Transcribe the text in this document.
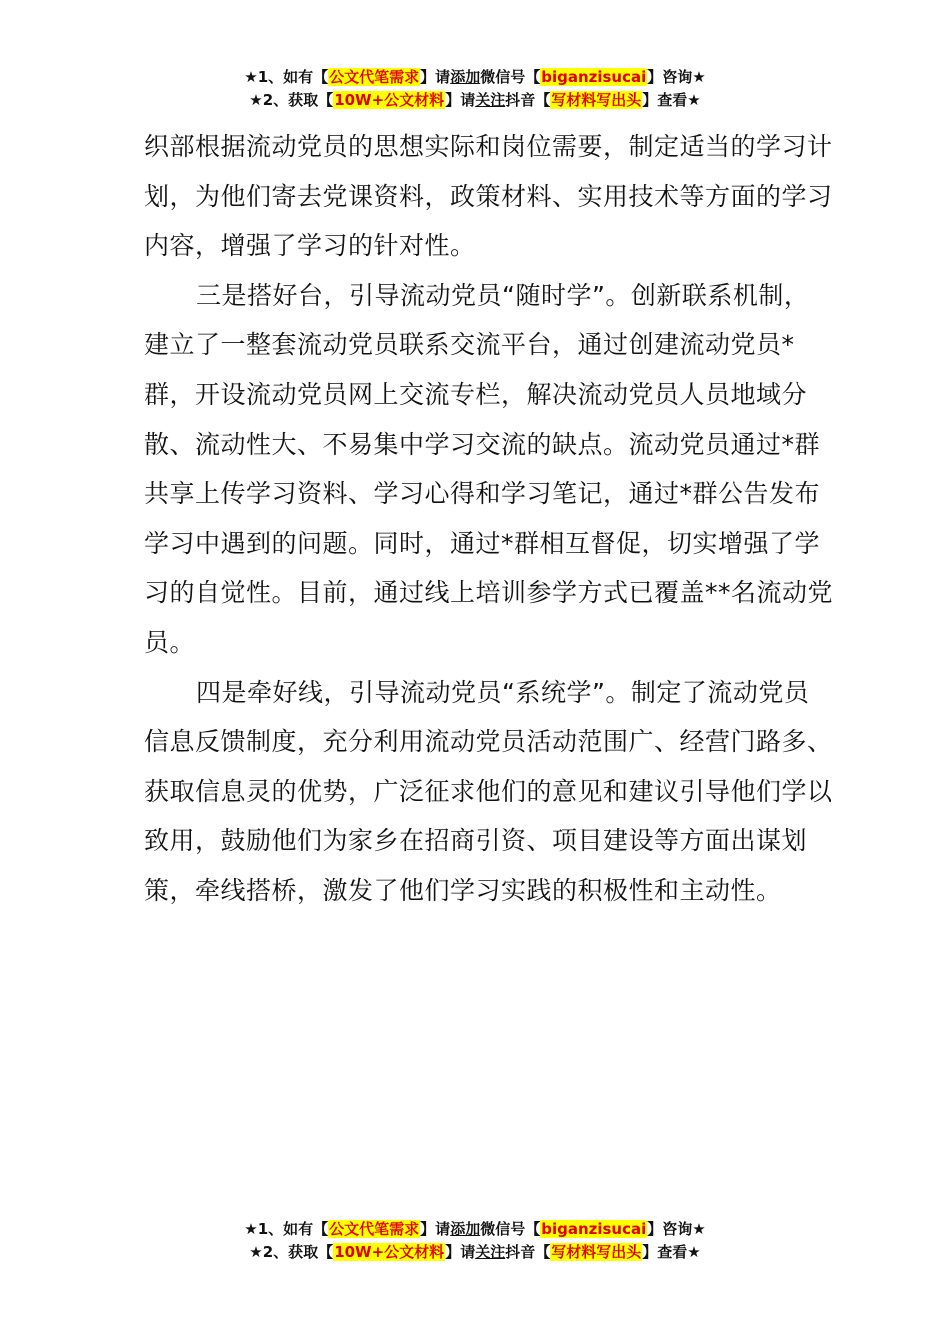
★1、如有【公文代笔需求】请添加微信号【biganzisucai】咨询★
★2、获取【10W+公文材料】请关注抖音【写材料写出头】查看★

织部根据流动党员的思想实际和岗位需要，制定适当的学习计划，为他们寄去党课资料，政策材料、实用技术等方面的学习内容，增强了学习的针对性。

三是搭好台，引导流动党员“随时学”。创新联系机制，建立了一整套流动党员联系交流平台，通过创建流动党员*群，开设流动党员网上交流专栏，解决流动党员人员地域分散、流动性大、不易集中学习交流的缺点。流动党员通过*群共享上传学习资料、学习心得和学习笔记，通过*群公告发布学习中遇到的问题。同时，通过*群相互督促，切实增强了学习的自觉性。目前，通过线上培训参学方式已覆盖**名流动党员。

四是牵好线，引导流动党员“系统学”。制定了流动党员信息反馈制度，充分利用流动党员活动范围广、经营门路多、获取信息灵的优势，广泛征求他们的意见和建议引导他们学以致用，鼓励他们为家乡在招商引资、项目建设等方面出谋划策，牵线搭桥，激发了他们学习实践的积极性和主动性。

★1、如有【公文代笔需求】请添加微信号【biganzisucai】咨询★
★2、获取【10W+公文材料】请关注抖音【写材料写出头】查看★
